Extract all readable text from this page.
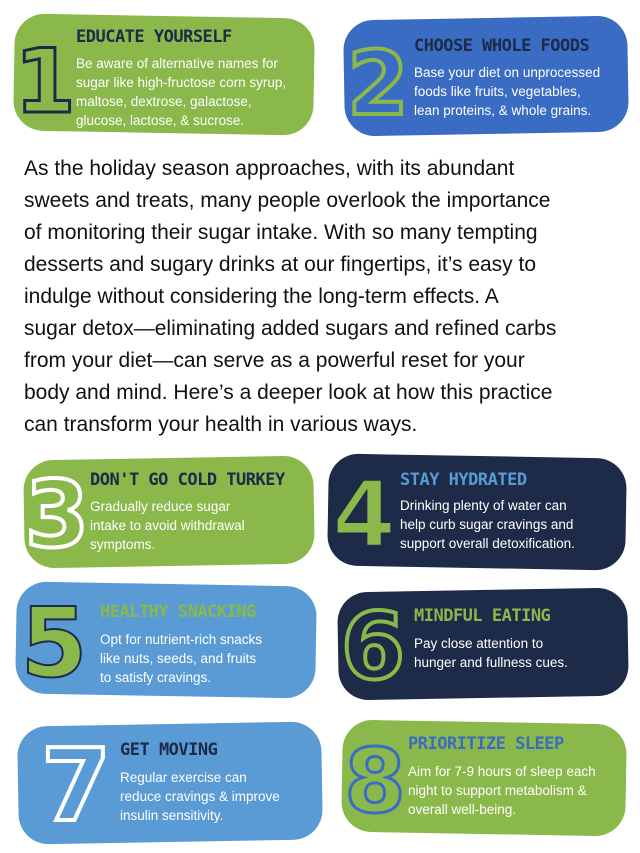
1 EDUCATE YOURSELF
Be aware of alternative names for
sugar like high-fructose corn syrup,
maltose, dextrose, galactose,
glucose, lactose, & sucrose.	2 CHOOSE WHOLE FOODS
Base your diet on unprocessed
foods like fruits, vegetables,
lean proteins, & whole grains.
As the holiday season approaches, with its abundant
sweets and treats, many people overlook the importance
of monitoring their sugar intake. With so many tempting
desserts and sugary drinks at our fingertips, it’s easy to
indulge without considering the long-term effects. A
sugar detox—eliminating added sugars and refined carbs
from your diet—can serve as a powerful reset for your
body and mind. Here’s a deeper look at how this practice
can transform your health in various ways.
3 DON'T GO COLD TURKEY
Gradually reduce sugar
intake to avoid withdrawal
symptoms.	4 STAY HYDRATED
Drinking plenty of water can
help curb sugar cravings and
support overall detoxification.
5 HEALTHY SNACKING
Opt for nutrient-rich snacks
like nuts, seeds, and fruits
to satisfy cravings.	6 MINDFUL EATING
Pay close attention to
hunger and fullness cues.
7 GET MOVING
Regular exercise can
reduce cravings & improve
insulin sensitivity.	8 PRIORITIZE SLEEP
Aim for 7-9 hours of sleep each
night to support metabolism &
overall well-being.
